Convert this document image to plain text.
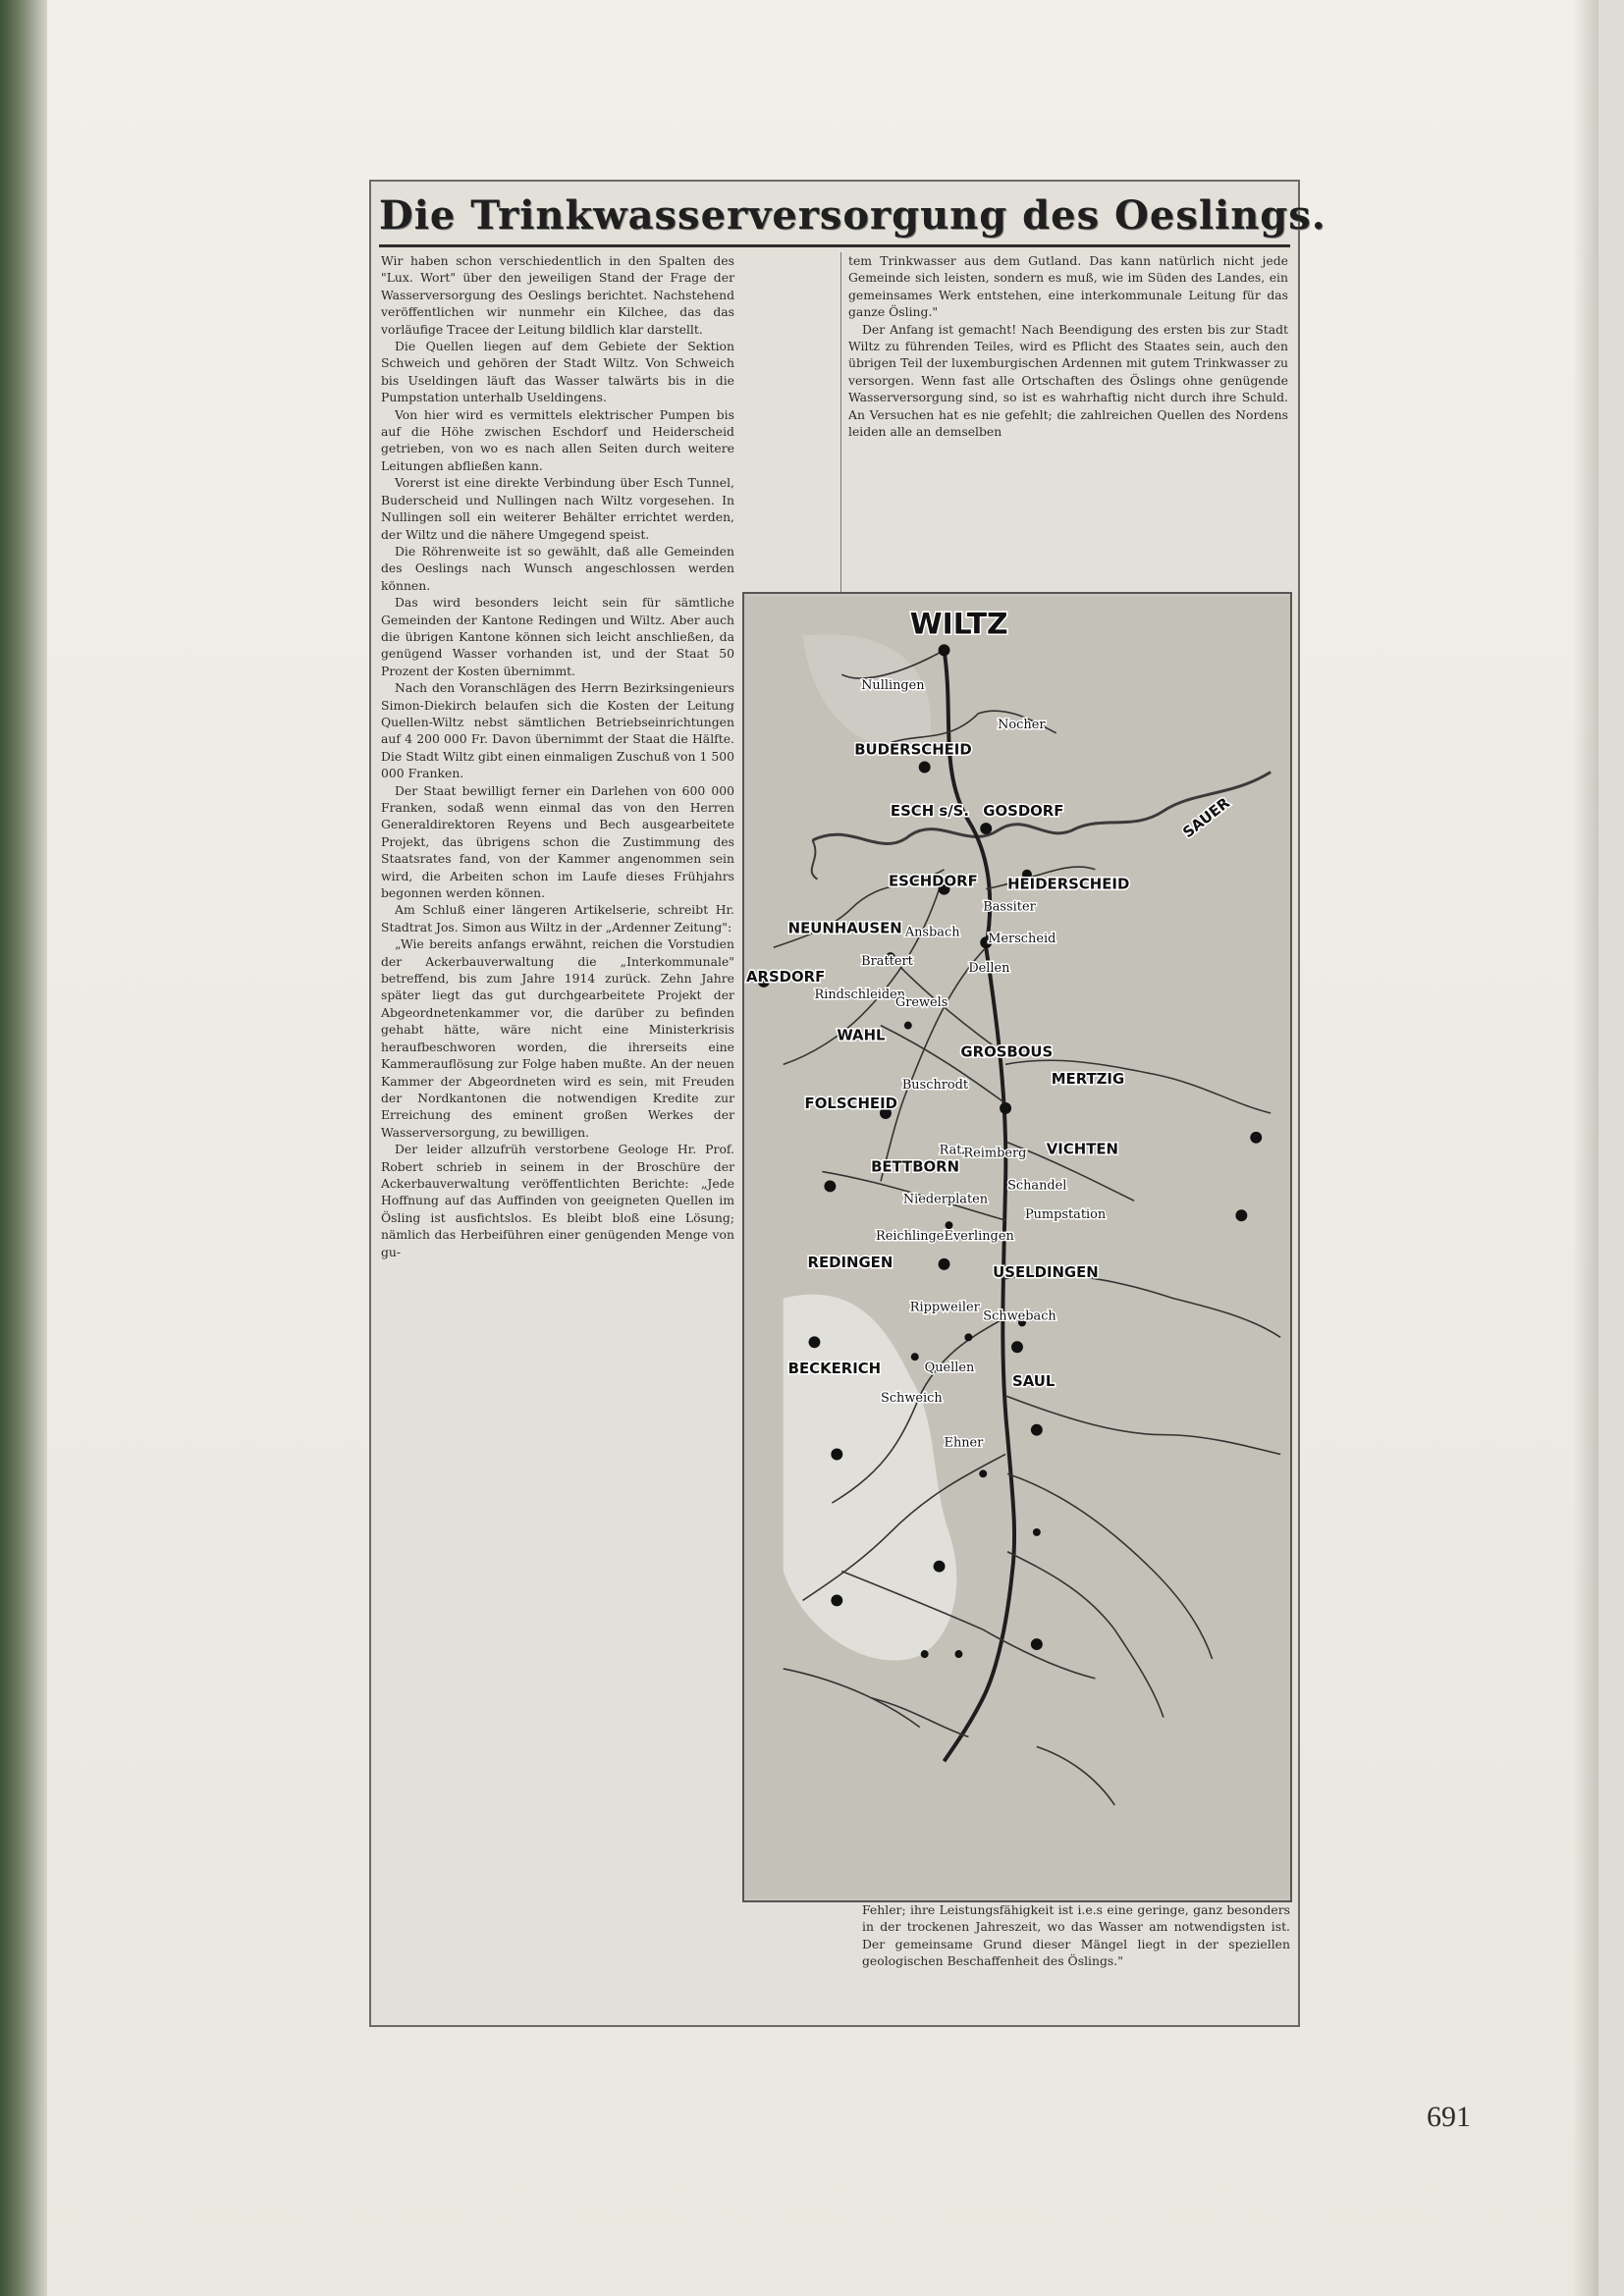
Die Trinkwasserversorgung des Oeslings.

Wir haben schon verschiedentlich in den Spalten des "Lux. Wort" über den jeweiligen Stand der Frage der Wasserversorgung des Oeslings berichtet. Nachstehend veröffentlichen wir nunmehr ein Kilchee, das das vorläufige Tracee der Leitung bildlich klar darstellt.

Die Quellen liegen auf dem Gebiete der Sektion Schweich und gehören der Stadt Wiltz. Von Schweich bis Useldingen läuft das Wasser talwärts bis in die Pumpstation unterhalb Useldingens.

Von hier wird es vermittels elektrischer Pumpen bis auf die Höhe zwischen Eschdorf und Heiderscheid getrieben, von wo es nach allen Seiten durch weitere Leitungen abfließen kann.

Vorerst ist eine direkte Verbindung über Esch Tunnel, Buderscheid und Nullingen nach Wiltz vorgesehen. In Nullingen soll ein weiterer Behälter errichtet werden, der Wiltz und die nähere Umgegend speist.

Die Röhrenweite ist so gewählt, daß alle Gemeinden des Oeslings nach Wunsch angeschlossen werden können.

Das wird besonders leicht sein für sämtliche Gemeinden der Kantone Redingen und Wiltz. Aber auch die übrigen Kantone können sich leicht anschließen, da genügend Wasser vorhanden ist, und der Staat 50 Prozent der Kosten übernimmt.

Nach den Voranschlägen des Herrn Bezirksingenieurs Simon-Diekirch belaufen sich die Kosten der Leitung Quellen-Wiltz nebst sämtlichen Betriebseinrichtungen auf 4 200 000 Fr. Davon übernimmt der Staat die Hälfte. Die Stadt Wiltz gibt einen einmaligen Zuschuß von 1 500 000 Franken.

Der Staat bewilligt ferner ein Darlehen von 600 000 Franken, sodaß wenn einmal das von den Herren Generaldirektoren Reyens und Bech ausgearbeitete Projekt, das übrigens schon die Zustimmung des Staatsrates fand, von der Kammer angenommen sein wird, die Arbeiten schon im Laufe dieses Frühjahrs begonnen werden können.

Am Schluß einer längeren Artikelserie, schreibt Hr. Stadtrat Jos. Simon aus Wiltz in der „Ardenner Zeitung":

„Wie bereits anfangs erwähnt, reichen die Vorstudien der Ackerbauverwaltung die „Interkommunale" betreffend, bis zum Jahre 1914 zurück. Zehn Jahre später liegt das gut durchgearbeitete Projekt der Abgeordnetenkammer vor, die darüber zu befinden gehabt hätte, wäre nicht eine Ministerkrisis heraufbeschworen worden, die ihrerseits eine Kammerauflösung zur Folge haben mußte. An der neuen Kammer der Abgeordneten wird es sein, mit Freuden der Nordkantonen die notwendigen Kredite zur Erreichung des eminent großen Werkes der Wasserversorgung, zu bewilligen.

Der leider allzufrüh verstorbene Geologe Hr. Prof. Robert schrieb in seinem in der Broschüre der Ackerbauverwaltung veröffentlichten Berichte: „Jede Hoffnung auf das Auffinden von geeigneten Quellen im Ösling ist ausfichtslos. Es bleibt bloß eine Lösung; nämlich das Herbeiführen einer genügenden Menge von gu-

tem Trinkwasser aus dem Gutland. Das kann natürlich nicht jede Gemeinde sich leisten, sondern es muß, wie im Süden des Landes, ein gemeinsames Werk entstehen, eine interkommunale Leitung für das ganze Ösling."

Der Anfang ist gemacht! Nach Beendigung des ersten bis zur Stadt Wiltz zu führenden Teiles, wird es Pflicht des Staates sein, auch den übrigen Teil der luxemburgischen Ardennen mit gutem Trinkwasser zu versorgen. Wenn fast alle Ortschaften des Öslings ohne genügende Wasserversorgung sind, so ist es wahrhaftig nicht durch ihre Schuld. An Versuchen hat es nie gefehlt; die zahlreichen Quellen des Nordens leiden alle an demselben

WILTZ
Nullingen
Nocher
BUDERSCHEID
ESCH s/S. GOSDORF	SAUER
ESCHDORF HEIDERSCHEID
Bassiter
NEUNHAUSEN
ARSDORF
Ansbach Merscheid
Brattert	Dellen
Rindschleiden
Grewels
WAHL
GROSBOUS
MERTZIG
Buschrodt
FOLSCHEID
Ratz
Reimberg VICHTEN
BETTBORN
Schandel
Niederplaten
Pumpstation
Reichlingen
Everlingen
REDINGEN
USELDINGEN
Rippweiler
Schwebach
BECKERICH	Quellen
SAUL
Schweich
Ehner

Fehler; ihre Leistungsfähigkeit ist i.e.s eine geringe, ganz besonders in der trockenen Jahreszeit, wo das Wasser am notwendigsten ist. Der gemeinsame Grund dieser Mängel liegt in der speziellen geologischen Beschaffenheit des Öslings."

691
